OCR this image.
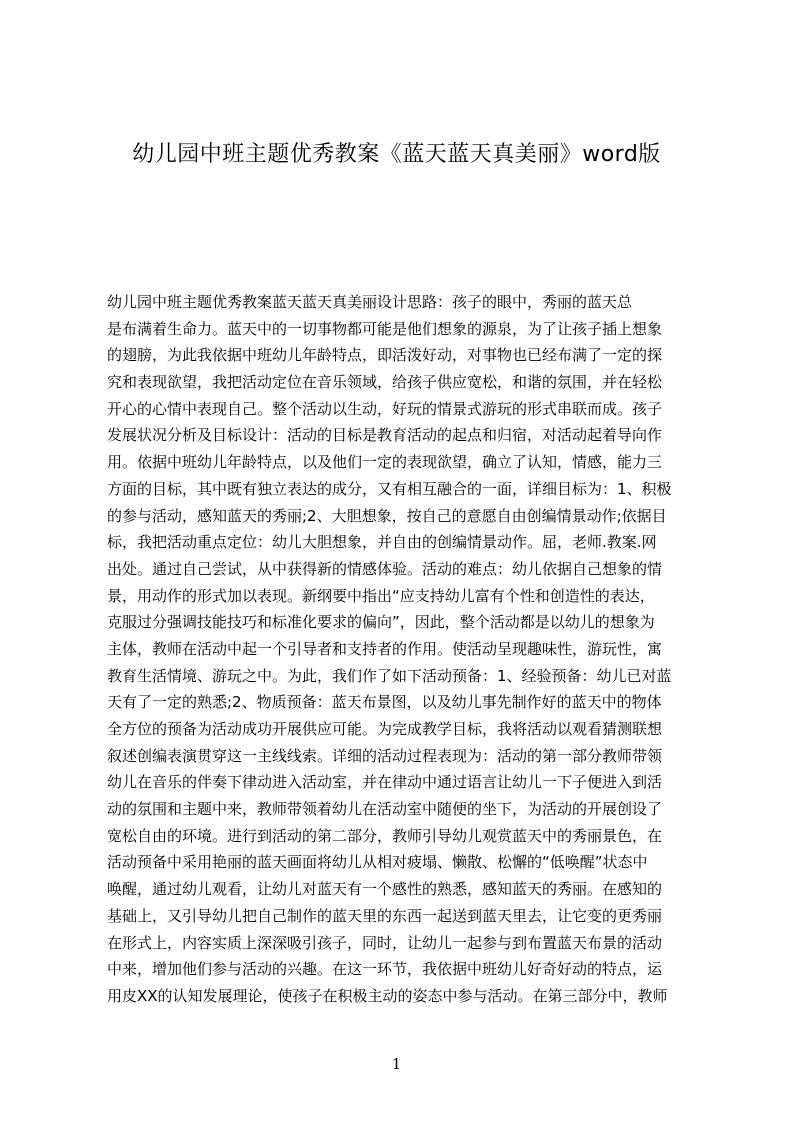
幼儿园中班主题优秀教案《蓝天蓝天真美丽》word版
幼儿园中班主题优秀教案蓝天蓝天真美丽设计思路：孩子的眼中，秀丽的蓝天总
是布满着生命力。蓝天中的一切事物都可能是他们想象的源泉，为了让孩子插上想象
的翅膀，为此我依据中班幼儿年龄特点，即活泼好动，对事物也已经布满了一定的探
究和表现欲望，我把活动定位在音乐领域，给孩子供应宽松，和谐的氛围，并在轻松
开心的心情中表现自己。整个活动以生动，好玩的情景式游玩的形式串联而成。孩子
发展状况分析及目标设计：活动的目标是教育活动的起点和归宿，对活动起着导向作
用。依据中班幼儿年龄特点，以及他们一定的表现欲望，确立了认知，情感，能力三
方面的目标，其中既有独立表达的成分，又有相互融合的一面，详细目标为：1、积极
的参与活动，感知蓝天的秀丽;2、大胆想象，按自己的意愿自由创编情景动作;依据目
标，我把活动重点定位：幼儿大胆想象，并自由的创编情景动作。屈，老师.教案.网
出处。通过自己尝试，从中获得新的情感体验。活动的难点：幼儿依据自己想象的情
景，用动作的形式加以表现。新纲要中指出“应支持幼儿富有个性和创造性的表达，
克服过分强调技能技巧和标准化要求的偏向”，因此，整个活动都是以幼儿的想象为
主体，教师在活动中起一个引导者和支持者的作用。使活动呈现趣味性，游玩性，寓
教育生活情境、游玩之中。为此，我们作了如下活动预备：1、经验预备：幼儿已对蓝
天有了一定的熟悉;2、物质预备：蓝天布景图，以及幼儿事先制作好的蓝天中的物体
全方位的预备为活动成功开展供应可能。为完成教学目标，我将活动以观看猜测联想
叙述创编表演贯穿这一主线线索。详细的活动过程表现为：活动的第一部分教师带领
幼儿在音乐的伴奏下律动进入活动室，并在律动中通过语言让幼儿一下子便进入到活
动的氛围和主题中来，教师带领着幼儿在活动室中随便的坐下，为活动的开展创设了
宽松自由的环境。进行到活动的第二部分，教师引导幼儿观赏蓝天中的秀丽景色，在
活动预备中采用艳丽的蓝天画面将幼儿从相对疲塌、懒散、松懈的“低唤醒”状态中
唤醒，通过幼儿观看，让幼儿对蓝天有一个感性的熟悉，感知蓝天的秀丽。在感知的
基础上，又引导幼儿把自己制作的蓝天里的东西一起送到蓝天里去，让它变的更秀丽
在形式上，内容实质上深深吸引孩子，同时，让幼儿一起参与到布置蓝天布景的活动
中来，增加他们参与活动的兴趣。在这一环节，我依据中班幼儿好奇好动的特点，运
用皮XX的认知发展理论，使孩子在积极主动的姿态中参与活动。在第三部分中，教师
1
